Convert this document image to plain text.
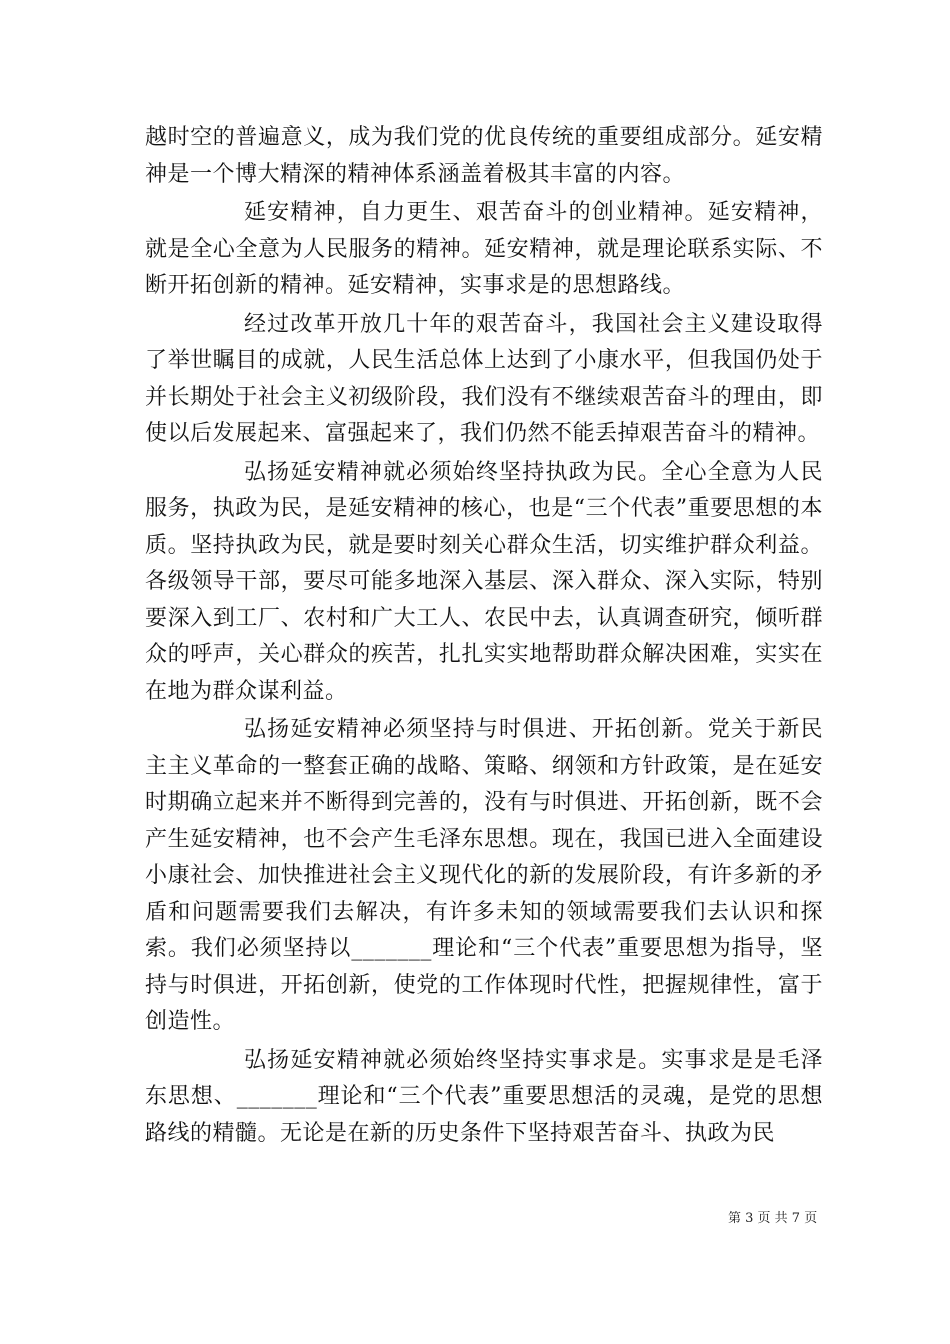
越时空的普遍意义，成为我们党的优良传统的重要组成部分。延安精神是一个博大精深的精神体系涵盖着极其丰富的内容。

延安精神，自力更生、艰苦奋斗的创业精神。延安精神，就是全心全意为人民服务的精神。延安精神，就是理论联系实际、不断开拓创新的精神。延安精神，实事求是的思想路线。

经过改革开放几十年的艰苦奋斗，我国社会主义建设取得了举世瞩目的成就，人民生活总体上达到了小康水平，但我国仍处于并长期处于社会主义初级阶段，我们没有不继续艰苦奋斗的理由，即使以后发展起来、富强起来了，我们仍然不能丢掉艰苦奋斗的精神。

弘扬延安精神就必须始终坚持执政为民。全心全意为人民服务，执政为民，是延安精神的核心，也是“三个代表”重要思想的本质。坚持执政为民，就是要时刻关心群众生活，切实维护群众利益。各级领导干部，要尽可能多地深入基层、深入群众、深入实际，特别要深入到工厂、农村和广大工人、农民中去，认真调查研究，倾听群众的呼声，关心群众的疾苦，扎扎实实地帮助群众解决困难，实实在在地为群众谋利益。

弘扬延安精神必须坚持与时俱进、开拓创新。党关于新民主主义革命的一整套正确的战略、策略、纲领和方针政策，是在延安时期确立起来并不断得到完善的，没有与时俱进、开拓创新，既不会产生延安精神，也不会产生毛泽东思想。现在，我国已进入全面建设小康社会、加快推进社会主义现代化的新的发展阶段，有许多新的矛盾和问题需要我们去解决，有许多未知的领域需要我们去认识和探索。我们必须坚持以_______理论和“三个代表”重要思想为指导，坚持与时俱进，开拓创新，使党的工作体现时代性，把握规律性，富于创造性。

弘扬延安精神就必须始终坚持实事求是。实事求是是毛泽东思想、_______理论和“三个代表”重要思想活的灵魂，是党的思想路线的精髓。无论是在新的历史条件下坚持艰苦奋斗、执政为民

第 3 页 共 7 页
